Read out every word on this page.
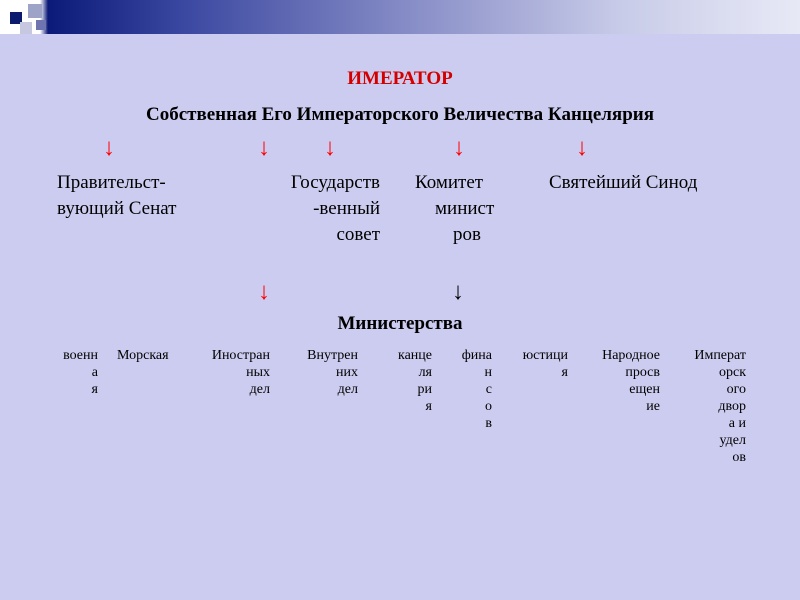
ИМЕРАТОР
Собственная Его Императорского Величества Канцелярия
↓	↓ ↓	↓	↓
Правительст-
вующий Сенат
Государств
-венный
совет
Комитет
минист
ров
Святейший Синод
↓	↓
Министерства
военн
а
я
Морская	Иностран
ных
дел
Внутрен
них
дел
канце
ля
ри
я
фина
н
с
о
в
юстици
я
Народное
просв
ещен
ие
Императ
орск
ого
двор
а и
удел
ов
